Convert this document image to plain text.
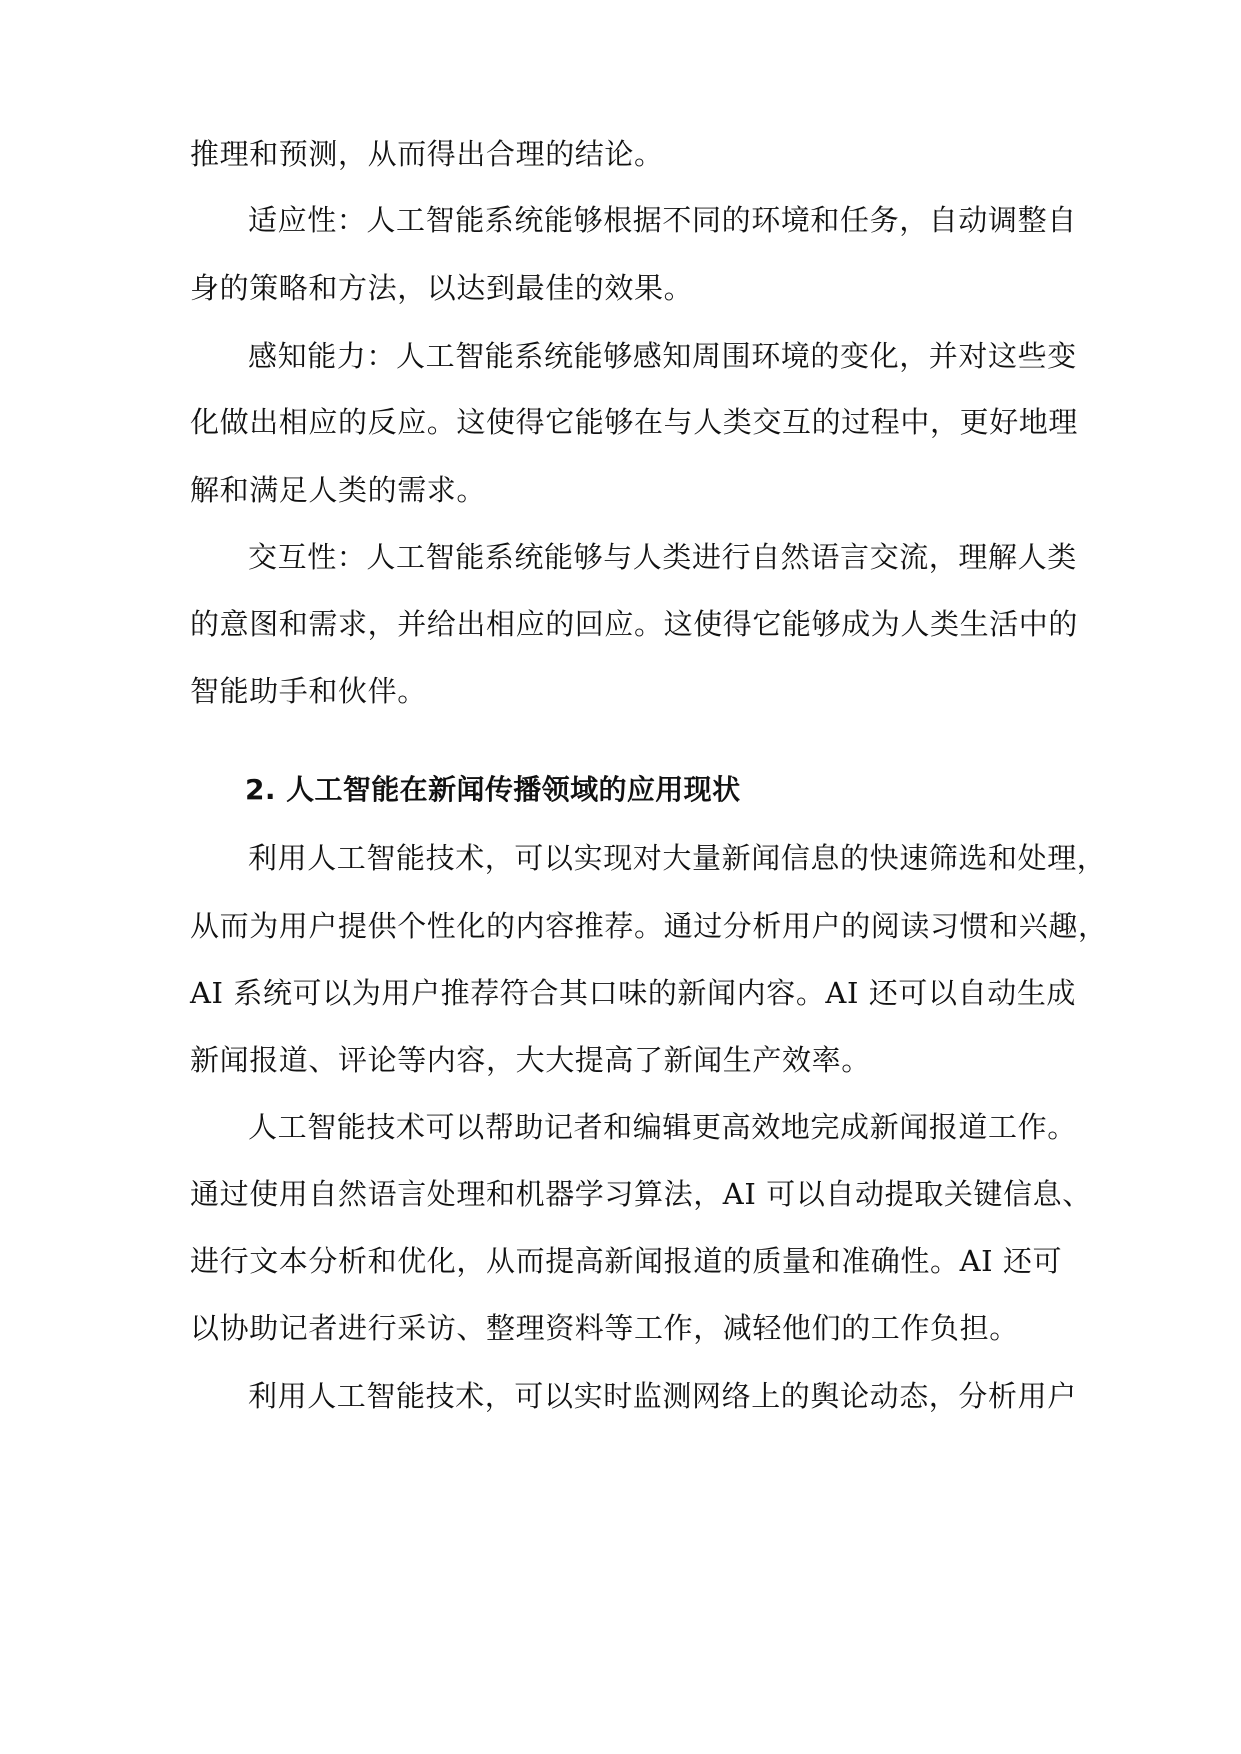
推理和预测，从而得出合理的结论。
适应性：人工智能系统能够根据不同的环境和任务，自动调整自
身的策略和方法，以达到最佳的效果。
感知能力：人工智能系统能够感知周围环境的变化，并对这些变
化做出相应的反应。这使得它能够在与人类交互的过程中，更好地理
解和满足人类的需求。
交互性：人工智能系统能够与人类进行自然语言交流，理解人类
的意图和需求，并给出相应的回应。这使得它能够成为人类生活中的
智能助手和伙伴。
2. 人工智能在新闻传播领域的应用现状
利用人工智能技术，可以实现对大量新闻信息的快速筛选和处理，
从而为用户提供个性化的内容推荐。通过分析用户的阅读习惯和兴趣，
AI 系统可以为用户推荐符合其口味的新闻内容。AI 还可以自动生成
新闻报道、评论等内容，大大提高了新闻生产效率。
人工智能技术可以帮助记者和编辑更高效地完成新闻报道工作。
通过使用自然语言处理和机器学习算法，AI 可以自动提取关键信息、
进行文本分析和优化，从而提高新闻报道的质量和准确性。AI 还可
以协助记者进行采访、整理资料等工作，减轻他们的工作负担。
利用人工智能技术，可以实时监测网络上的舆论动态，分析用户
